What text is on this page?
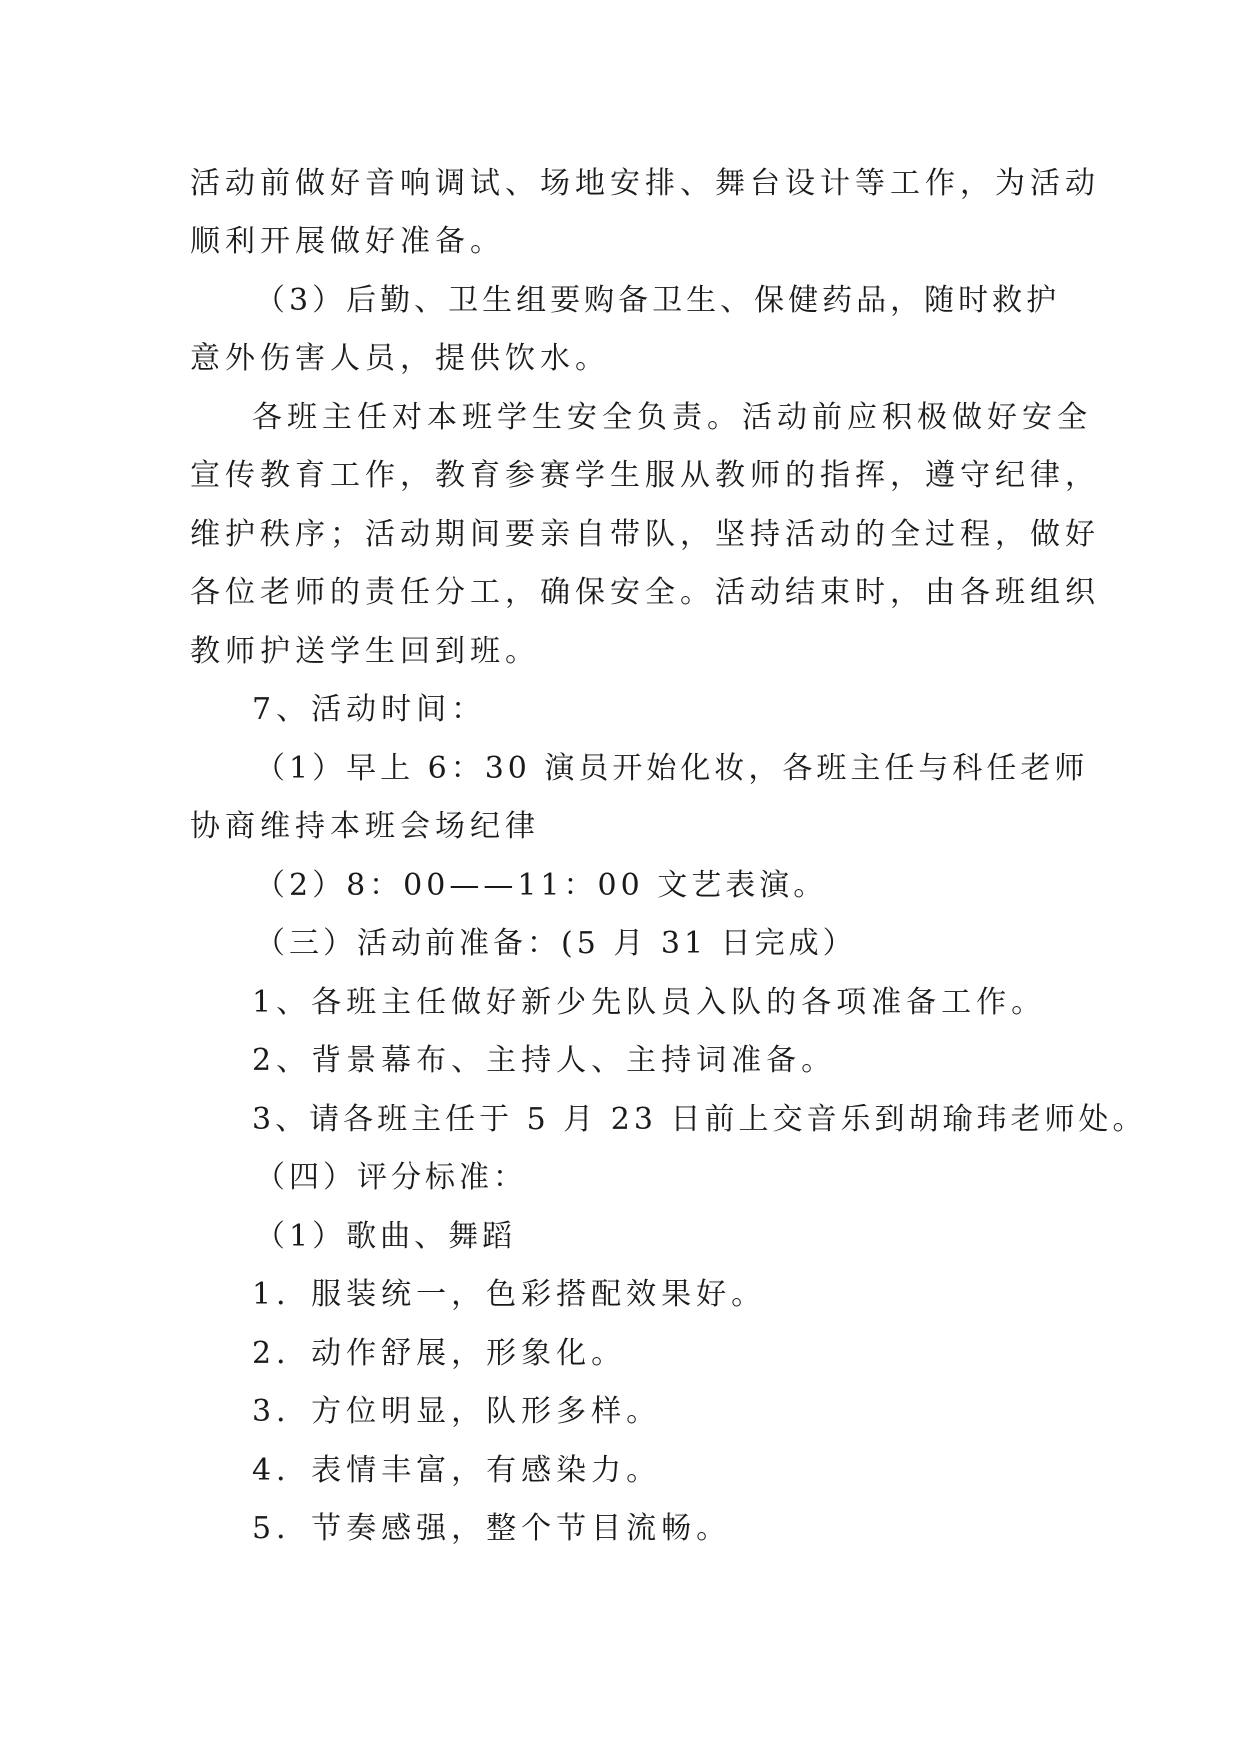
活动前做好音响调试、场地安排、舞台设计等工作，为活动
顺利开展做好准备。
（3）后勤、卫生组要购备卫生、保健药品，随时救护
意外伤害人员，提供饮水。
各班主任对本班学生安全负责。活动前应积极做好安全
宣传教育工作，教育参赛学生服从教师的指挥，遵守纪律，
维护秩序；活动期间要亲自带队，坚持活动的全过程，做好
各位老师的责任分工，确保安全。活动结束时，由各班组织
教师护送学生回到班。
7、活动时间：
（1）早上 6：30 演员开始化妆，各班主任与科任老师
协商维持本班会场纪律
（2）8：00——11：00 文艺表演。
（三）活动前准备：(5 月 31 日完成）
1、各班主任做好新少先队员入队的各项准备工作。
2、背景幕布、主持人、主持词准备。
3、请各班主任于 5 月 23 日前上交音乐到胡瑜玮老师处。
（四）评分标准：
（1）歌曲、舞蹈
1．服装统一，色彩搭配效果好。
2．动作舒展，形象化。
3．方位明显，队形多样。
4．表情丰富，有感染力。
5．节奏感强，整个节目流畅。
